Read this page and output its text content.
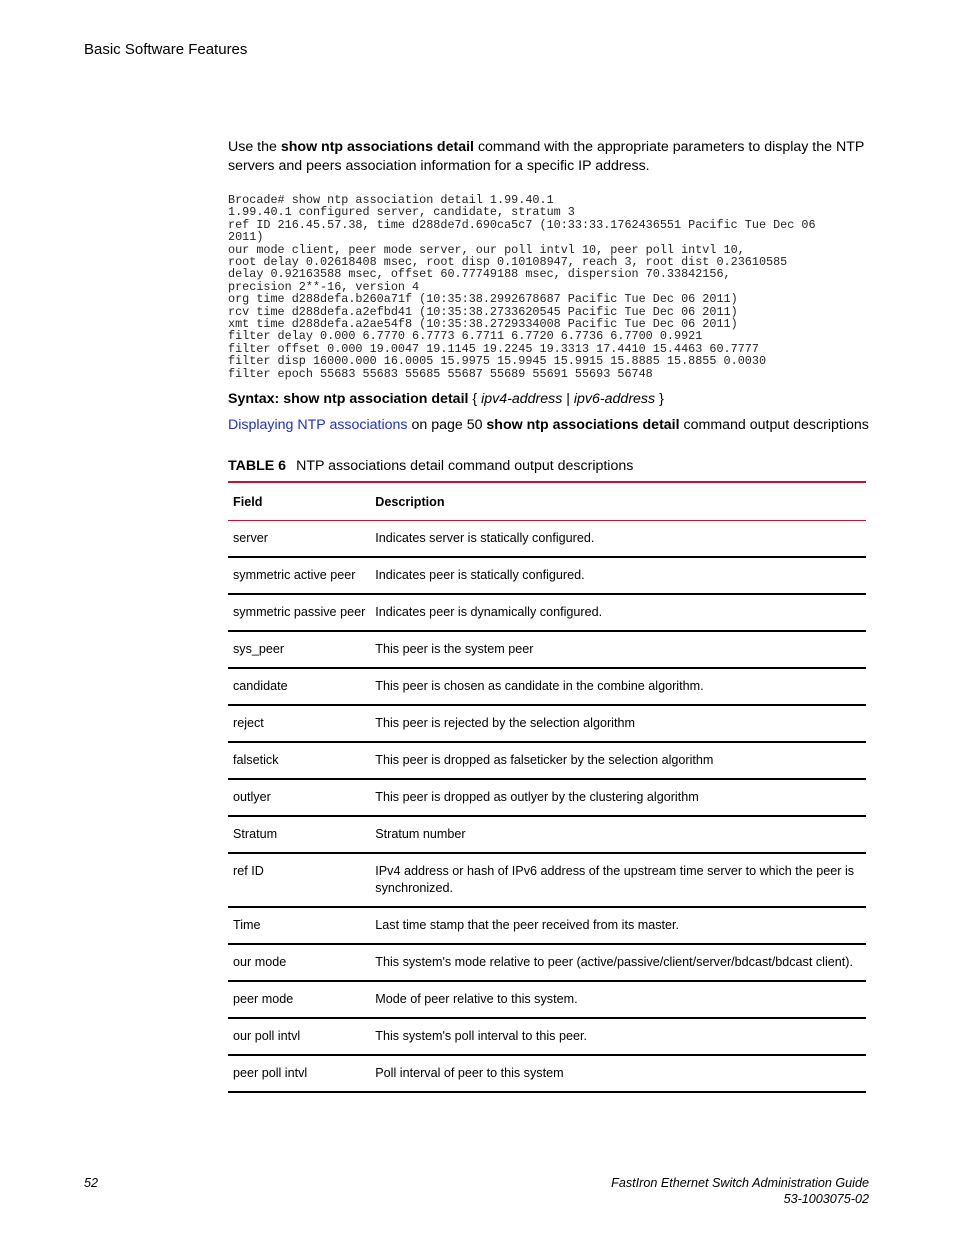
Basic Software Features
Use the show ntp associations detail command with the appropriate parameters to display the NTP servers and peers association information for a specific IP address.
Brocade# show ntp association detail 1.99.40.1
1.99.40.1 configured server, candidate, stratum 3
ref ID 216.45.57.38, time d288de7d.690ca5c7 (10:33:33.1762436551 Pacific Tue Dec 06
2011)
our mode client, peer mode server, our poll intvl 10, peer poll intvl 10,
root delay 0.02618408 msec, root disp 0.10108947, reach 3, root dist 0.23610585
delay 0.92163588 msec, offset 60.77749188 msec, dispersion 70.33842156,
precision 2**-16, version 4
org time d288defa.b260a71f (10:35:38.2992678687 Pacific Tue Dec 06 2011)
rcv time d288defa.a2efbd41 (10:35:38.2733620545 Pacific Tue Dec 06 2011)
xmt time d288defa.a2ae54f8 (10:35:38.2729334008 Pacific Tue Dec 06 2011)
filter delay 0.000 6.7770 6.7773 6.7711 6.7720 6.7736 6.7700 0.9921
filter offset 0.000 19.0047 19.1145 19.2245 19.3313 17.4410 15.4463 60.7777
filter disp 16000.000 16.0005 15.9975 15.9945 15.9915 15.8885 15.8855 0.0030
filter epoch 55683 55683 55685 55687 55689 55691 55693 56748
Syntax: show ntp association detail { ipv4-address | ipv6-address }
Displaying NTP associations on page 50 show ntp associations detail command output descriptions
TABLE 6 NTP associations detail command output descriptions
Field	Description
server	Indicates server is statically configured.
symmetric active peer	Indicates peer is statically configured.
symmetric passive peer	Indicates peer is dynamically configured.
sys_peer	This peer is the system peer
candidate	This peer is chosen as candidate in the combine algorithm.
reject	This peer is rejected by the selection algorithm
falsetick	This peer is dropped as falseticker by the selection algorithm
outlyer	This peer is dropped as outlyer by the clustering algorithm
Stratum	Stratum number
ref ID	IPv4 address or hash of IPv6 address of the upstream time server to which the peer is synchronized.
Time	Last time stamp that the peer received from its master.
our mode	This system's mode relative to peer (active/passive/client/server/bdcast/bdcast client).
peer mode	Mode of peer relative to this system.
our poll intvl	This system's poll interval to this peer.
peer poll intvl	Poll interval of peer to this system
52	FastIron Ethernet Switch Administration Guide
53-1003075-02
